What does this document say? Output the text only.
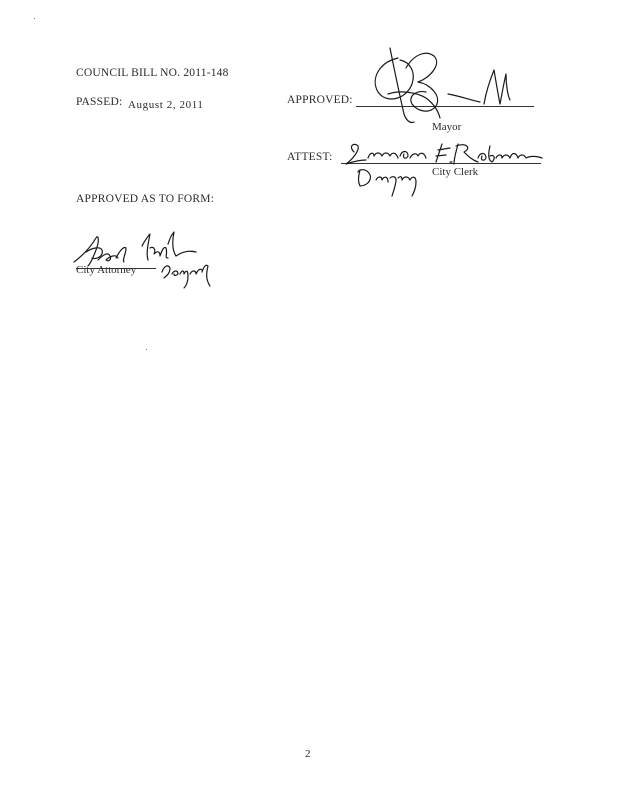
COUNCIL BILL NO. 2011-148
PASSED: August 2, 2011
APPROVED AS TO FORM:
City Attorney
APPROVED:
Mayor
ATTEST:
City Clerk
2
